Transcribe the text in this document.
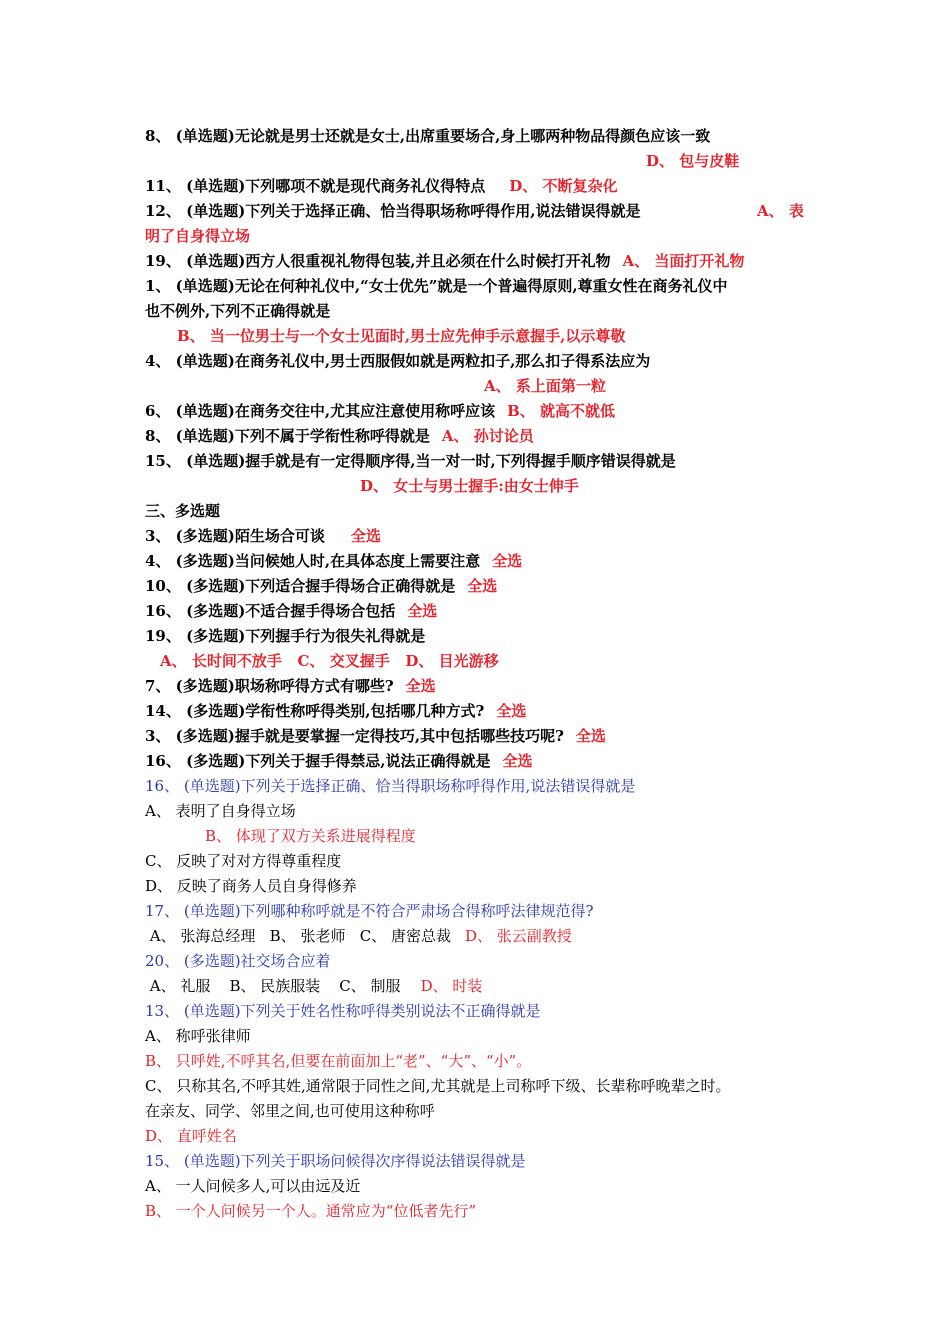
8、 (单选题)无论就是男士还就是女士,出席重要场合,身上哪两种物品得颜色应该一致
D、 包与皮鞋
11、 (单选题)下列哪项不就是现代商务礼仪得特点 D、 不断复杂化
12、 (单选题)下列关于选择正确、恰当得职场称呼得作用,说法错误得就是	A、 表
明了自身得立场
19、 (单选题)西方人很重视礼物得包装,并且必须在什么时候打开礼物 A、 当面打开礼物
1、 (单选题)无论在何种礼仪中,“女士优先”就是一个普遍得原则,尊重女性在商务礼仪中
也不例外,下列不正确得就是
B、 当一位男士与一个女士见面时,男士应先伸手示意握手,以示尊敬
4、 (单选题)在商务礼仪中,男士西服假如就是两粒扣子,那么扣子得系法应为
A、 系上面第一粒
6、 (单选题)在商务交往中,尤其应注意使用称呼应该 B、 就高不就低
8、 (单选题)下列不属于学衔性称呼得就是 A、 孙讨论员
15、 (单选题)握手就是有一定得顺序得,当一对一时,下列得握手顺序错误得就是
D、 女士与男士握手:由女士伸手
三、多选题
3、 (多选题)陌生场合可谈 全选
4、 (多选题)当问候她人时,在具体态度上需要注意 全选
10、 (多选题)下列适合握手得场合正确得就是 全选
16、 (多选题)不适合握手得场合包括 全选
19、 (多选题)下列握手行为很失礼得就是
A、 长时间不放手   C、 交叉握手   D、 目光游移
7、 (多选题)职场称呼得方式有哪些? 全选
14、 (多选题)学衔性称呼得类别,包括哪几种方式? 全选
3、 (多选题)握手就是要掌握一定得技巧,其中包括哪些技巧呢? 全选
16、 (多选题)下列关于握手得禁忌,说法正确得就是 全选
16、 (单选题)下列关于选择正确、恰当得职场称呼得作用,说法错误得就是
A、 表明了自身得立场
B、 体现了双方关系进展得程度
C、 反映了对对方得尊重程度
D、 反映了商务人员自身得修养
17、 (单选题)下列哪种称呼就是不符合严肃场合得称呼法律规范得?
A、 张海总经理   B、 张老师   C、 唐密总裁 D、 张云副教授
20、 (多选题)社交场合应着
A、 礼服    B、 民族服装    C、 制服 D、 时装
13、 (单选题)下列关于姓名性称呼得类别说法不正确得就是
A、 称呼张律师
B、 只呼姓,不呼其名,但要在前面加上“老”、“大”、“小”。
C、 只称其名,不呼其姓,通常限于同性之间,尤其就是上司称呼下级、长辈称呼晚辈之时。
在亲友、同学、邻里之间,也可使用这种称呼
D、 直呼姓名
15、 (单选题)下列关于职场问候得次序得说法错误得就是
A、 一人问候多人,可以由远及近
B、 一个人问候另一个人。通常应为“位低者先行”
